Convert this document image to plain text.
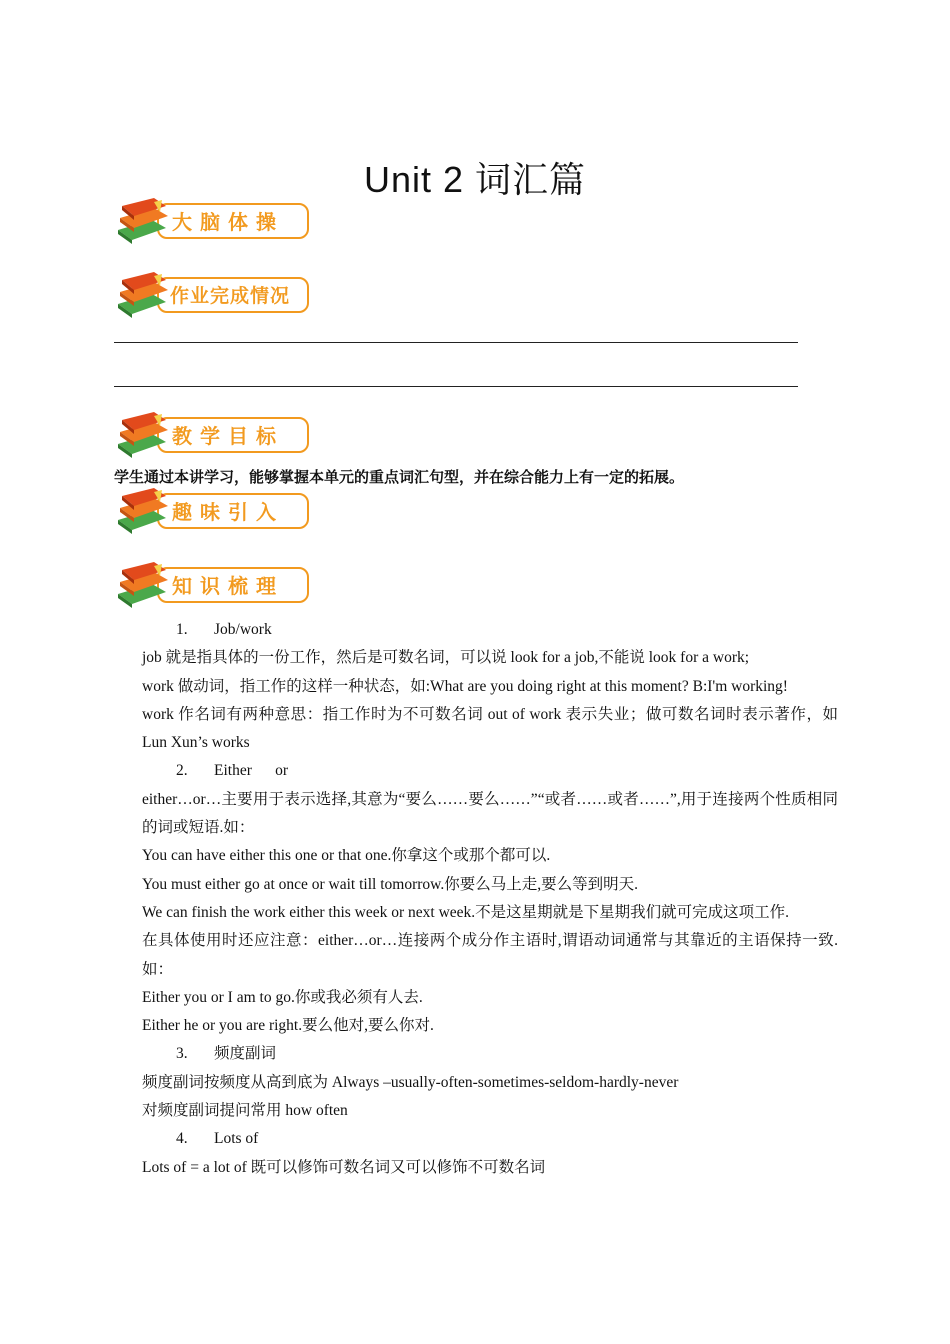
Unit 2 词汇篇
大脑体操
作业完成情况
教学目标
学生通过本讲学习，能够掌握本单元的重点词汇句型，并在综合能力上有一定的拓展。
趣味引入
知识梳理

1. Job/work

job 就是指具体的一份工作，然后是可数名词，可以说 look for a job,不能说 look for a work;

work 做动词，指工作的这样一种状态，如:What are you doing right at this moment? B:I'm working!

work 作名词有两种意思：指工作时为不可数名词 out of work 表示失业；做可数名词时表示著作，如 Lun Xun’s works

2. Either      or

either…or…主要用于表示选择,其意为“要么……要么……”“或者……或者……”,用于连接两个性质相同的词或短语.如：

You can have either this one or that one.你拿这个或那个都可以.

You must either go at once or wait till tomorrow.你要么马上走,要么等到明天.

We can finish the work either this week or next week.不是这星期就是下星期我们就可完成这项工作.

在具体使用时还应注意：either…or…连接两个成分作主语时,谓语动词通常与其靠近的主语保持一致.如：

Either you or I am to go.你或我必须有人去.

Either he or you are right.要么他对,要么你对.

3. 频度副词

频度副词按频度从高到底为 Always –usually-often-sometimes-seldom-hardly-never

对频度副词提问常用 how often

4. Lots of

Lots of = a lot of 既可以修饰可数名词又可以修饰不可数名词
